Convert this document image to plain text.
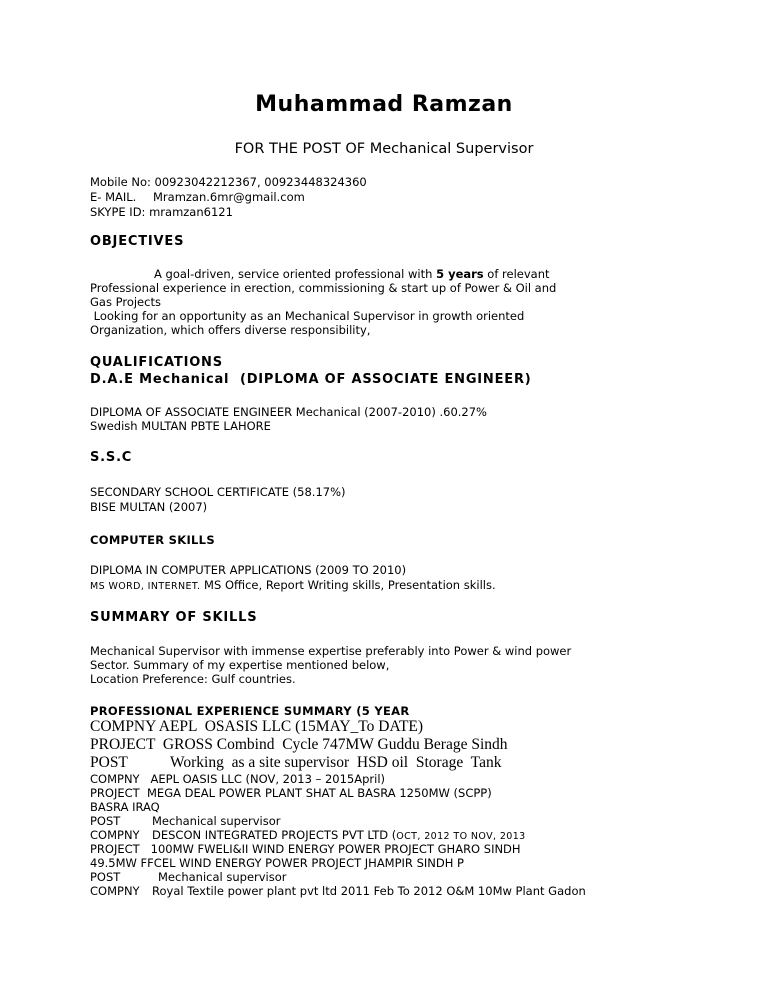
Muhammad Ramzan
FOR THE POST OF Mechanical Supervisor
Mobile No: 00923042212367, 00923448324360
E- MAIL. Mramzan.6mr@gmail.com
SKYPE ID: mramzan6121
OBJECTIVES
A goal-driven, service oriented professional with 5 years of relevant
Professional experience in erection, commissioning & start up of Power & Oil and
Gas Projects
Looking for an opportunity as an Mechanical Supervisor in growth oriented
Organization, which offers diverse responsibility,
QUALIFICATIONS
D.A.E Mechanical  (DIPLOMA OF ASSOCIATE ENGINEER)
DIPLOMA OF ASSOCIATE ENGINEER Mechanical (2007-2010) .60.27%
Swedish MULTAN PBTE LAHORE
S.S.C
SECONDARY SCHOOL CERTIFICATE (58.17%)
BISE MULTAN (2007)
COMPUTER SKILLS
DIPLOMA IN COMPUTER APPLICATIONS (2009 TO 2010)
MS WORD, INTERNET. MS Office, Report Writing skills, Presentation skills.
SUMMARY OF SKILLS
Mechanical Supervisor with immense expertise preferably into Power & wind power
Sector. Summary of my expertise mentioned below,
Location Preference: Gulf countries.
PROFESSIONAL EXPERIENCE SUMMARY (5 YEAR
COMPNY AEPL  OSASIS LLC (15MAY_To DATE)
PROJECT  GROSS Combind  Cycle 747MW Guddu Berage Sindh
POST	Working  as a site supervisor  HSD oil  Storage  Tank
COMPNY   AEPL OASIS LLC (NOV, 2013 – 2015April)
PROJECT  MEGA DEAL POWER PLANT SHAT AL BASRA 1250MW (SCPP)
BASRA IRAQ
POST	Mechanical supervisor
COMPNY DESCON INTEGRATED PROJECTS PVT LTD (OCT, 2012 TO NOV, 2013
PROJECT   100MW FWELI&II WIND ENERGY POWER PROJECT GHARO SINDH
49.5MW FFCEL WIND ENERGY POWER PROJECT JHAMPIR SINDH P
POST	Mechanical supervisor
COMPNY Royal Textile power plant pvt ltd 2011 Feb To 2012 O&M 10Mw Plant Gadon
